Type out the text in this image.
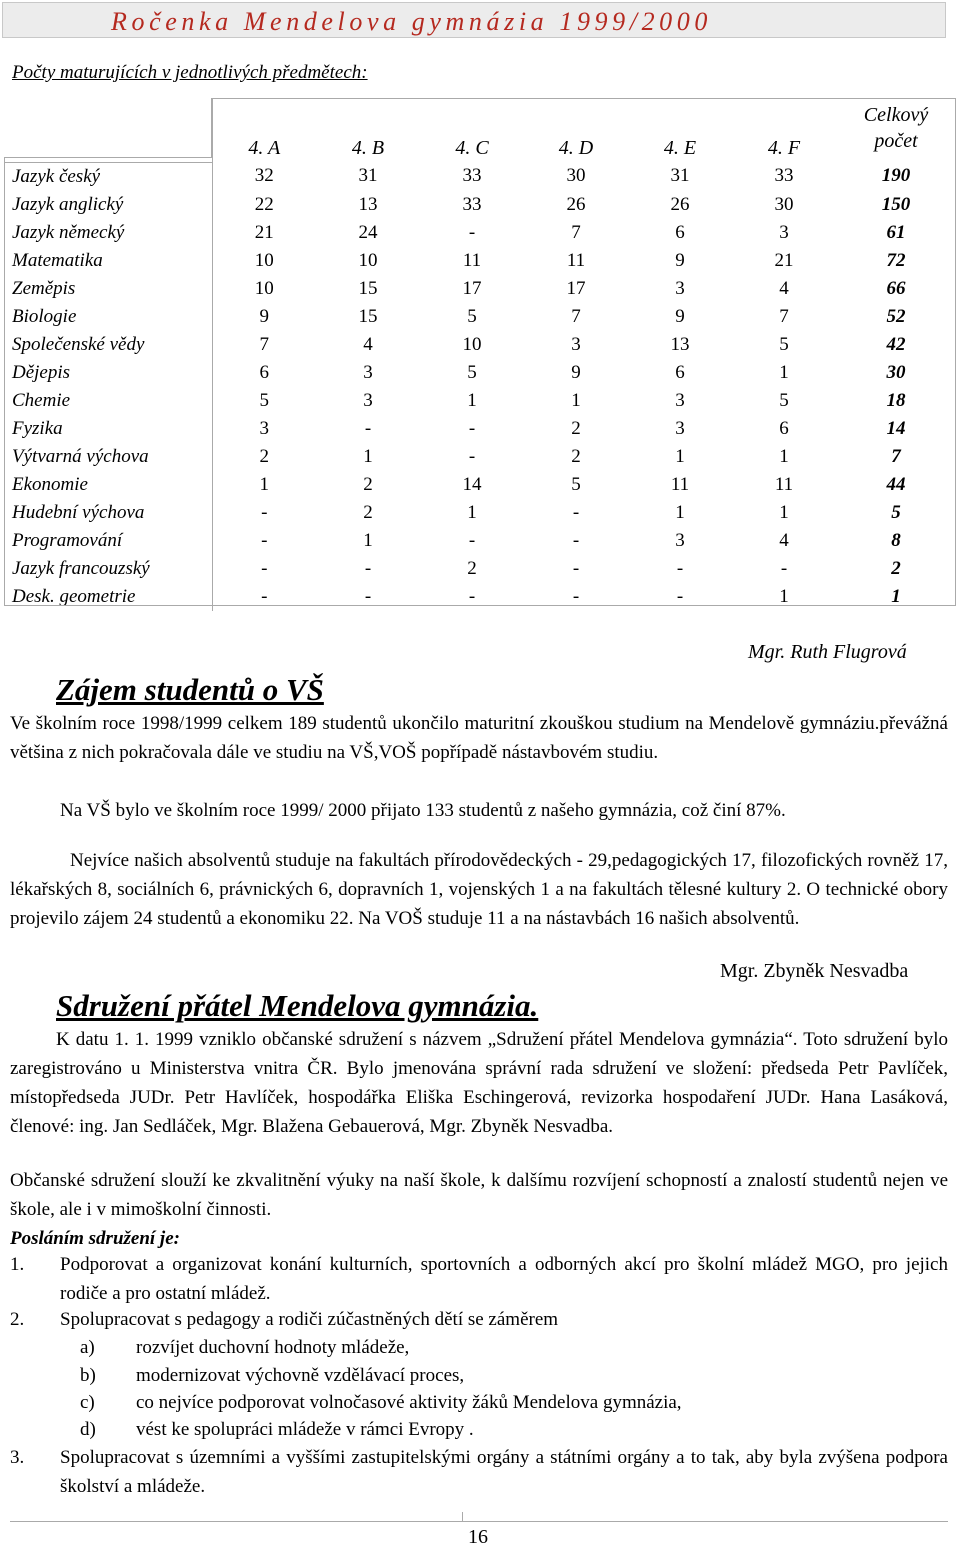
Ročenka Mendelova gymnázia 1999/2000
Počty maturujících v jednotlivých předmětech:
	4. A	4. B	4. C	4. D	4. E	4. F	Celkový
počet
Jazyk český	32	31	33	30	31	33	190
Jazyk anglický	22	13	33	26	26	30	150
Jazyk německý	21	24	-	7	6	3	61
Matematika	10	10	11	11	9	21	72
Zeměpis	10	15	17	17	3	4	66
Biologie	9	15	5	7	9	7	52
Společenské vědy	7	4	10	3	13	5	42
Dějepis	6	3	5	9	6	1	30
Chemie	5	3	1	1	3	5	18
Fyzika	3	-	-	2	3	6	14
Výtvarná výchova	2	1	-	2	1	1	7
Ekonomie	1	2	14	5	11	11	44
Hudební výchova	-	2	1	-	1	1	5
Programování	-	1	-	-	3	4	8
Jazyk francouzský	-	-	2	-	-	-	2
Desk. geometrie	-	-	-	-	-	1	1
Mgr. Ruth Flugrová
Zájem studentů o VŠ
Ve školním roce 1998/1999 celkem 189 studentů ukončilo maturitní zkouškou studium na Mendelově gymnáziu.převážná většina z nich pokračovala dále ve studiu na VŠ,VOŠ popřípadě nástavbovém studiu.
Na VŠ bylo ve školním roce 1999/ 2000 přijato 133 studentů z našeho gymnázia, což činí 87%.
Nejvíce našich absolventů studuje na fakultách přírodovědeckých - 29,pedagogických 17, filozofických rovněž 17, lékařských 8, sociálních 6, právnických 6, dopravních 1, vojenských 1 a na fakultách tělesné kultury 2. O technické obory projevilo zájem 24 studentů a ekonomiku 22. Na VOŠ studuje 11 a na nástavbách 16 našich absolventů.
Mgr. Zbyněk Nesvadba
Sdružení přátel Mendelova gymnázia.
K datu 1. 1. 1999 vzniklo občanské sdružení s názvem „Sdružení přátel Mendelova gymnázia“. Toto sdružení bylo zaregistrováno u Ministerstva vnitra ČR. Bylo jmenována správní rada sdružení ve složení: předseda Petr Pavlíček, místopředseda JUDr. Petr Havlíček, hospodářka Eliška Eschingerová, revizorka hospodaření JUDr. Hana Lasáková, členové: ing. Jan Sedláček, Mgr. Blažena Gebauerová, Mgr. Zbyněk Nesvadba.
Občanské sdružení slouží ke zkvalitnění výuky na naší škole, k dalšímu rozvíjení schopností a znalostí studentů nejen ve škole, ale i v mimoškolní činnosti.
Posláním sdružení je:
1. Podporovat a organizovat konání kulturních, sportovních a odborných akcí pro školní mládež MGO, pro jejich rodiče a pro ostatní mládež.
2. Spolupracovat s pedagogy a rodiči zúčastněných dětí se záměrem
a) rozvíjet duchovní hodnoty mládeže,
b) modernizovat výchovně vzdělávací proces,
c) co nejvíce podporovat volnočasové aktivity žáků Mendelova gymnázia,
d) vést ke spolupráci mládeže v rámci Evropy .
3. Spolupracovat s územními a vyššími zastupitelskými orgány a státními orgány a to tak, aby byla zvýšena podpora školství a mládeže.
16
